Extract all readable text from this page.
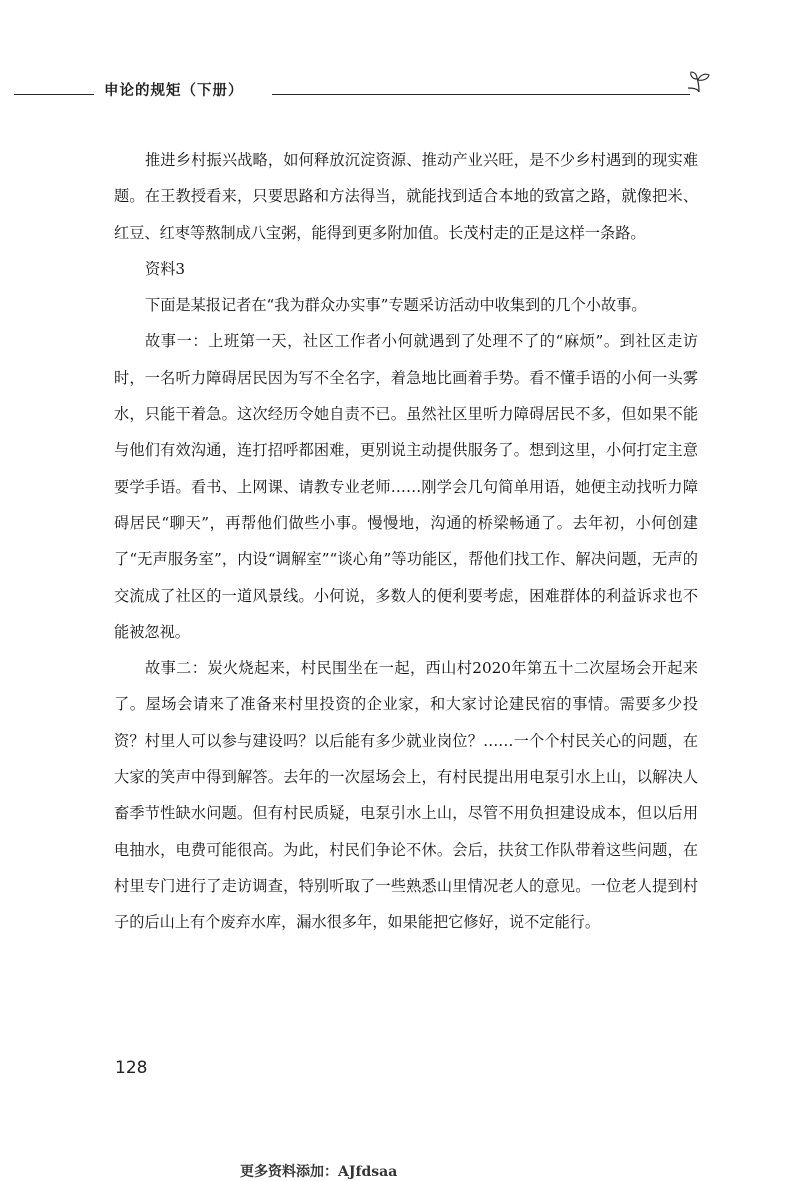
申论的规矩（下册）

推进乡村振兴战略，如何释放沉淀资源、推动产业兴旺，是不少乡村遇到的现实难题。在王教授看来，只要思路和方法得当，就能找到适合本地的致富之路，就像把米、红豆、红枣等熬制成八宝粥，能得到更多附加值。长茂村走的正是这样一条路。

资料3

下面是某报记者在“我为群众办实事”专题采访活动中收集到的几个小故事。

故事一：上班第一天，社区工作者小何就遇到了处理不了的“麻烦”。到社区走访时，一名听力障碍居民因为写不全名字，着急地比画着手势。看不懂手语的小何一头雾水，只能干着急。这次经历令她自责不已。虽然社区里听力障碍居民不多，但如果不能与他们有效沟通，连打招呼都困难，更别说主动提供服务了。想到这里，小何打定主意要学手语。看书、上网课、请教专业老师……刚学会几句简单用语，她便主动找听力障碍居民“聊天”，再帮他们做些小事。慢慢地，沟通的桥梁畅通了。去年初，小何创建了“无声服务室”，内设“调解室”“谈心角”等功能区，帮他们找工作、解决问题，无声的交流成了社区的一道风景线。小何说，多数人的便利要考虑，困难群体的利益诉求也不能被忽视。

故事二：炭火烧起来，村民围坐在一起，西山村2020年第五十二次屋场会开起来了。屋场会请来了准备来村里投资的企业家，和大家讨论建民宿的事情。需要多少投资？村里人可以参与建设吗？以后能有多少就业岗位？……一个个村民关心的问题，在大家的笑声中得到解答。去年的一次屋场会上，有村民提出用电泵引水上山，以解决人畜季节性缺水问题。但有村民质疑，电泵引水上山，尽管不用负担建设成本，但以后用电抽水，电费可能很高。为此，村民们争论不休。会后，扶贫工作队带着这些问题，在村里专门进行了走访调查，特别听取了一些熟悉山里情况老人的意见。一位老人提到村子的后山上有个废弃水库，漏水很多年，如果能把它修好，说不定能行。

128
更多资料添加：AJfdsaa
